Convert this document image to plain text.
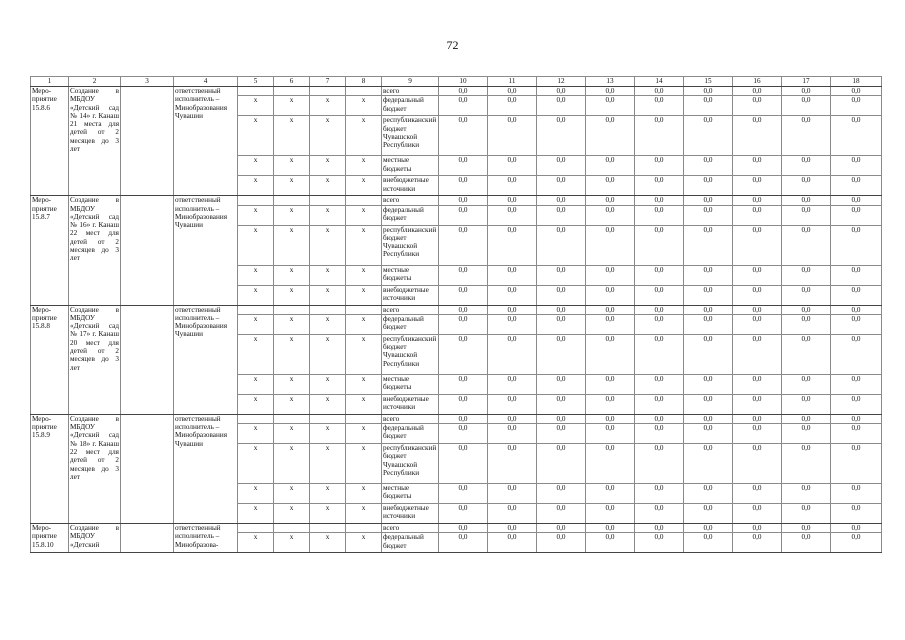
72
1	2	3	4	5	6	7	8	9	10	11	12	13	14	15	16	17	18
Меро-
приятие
15.8.6	Создание в МБДОУ «Детский сад № 14» г. Канаш 21 места для детей от 2 месяцев до 3 лет		ответственный исполнитель – Минобразования Чувашии					всего	0,0	0,0	0,0	0,0	0,0	0,0	0,0	0,0	0,0
				x	x	x	x	федеральный бюджет	0,0	0,0	0,0	0,0	0,0	0,0	0,0	0,0	0,0
				x	x	x	x	республиканский бюджет Чувашской Республики	0,0	0,0	0,0	0,0	0,0	0,0	0,0	0,0	0,0
				x	x	x	x	местные бюджеты	0,0	0,0	0,0	0,0	0,0	0,0	0,0	0,0	0,0
				x	x	x	x	внебюджетные источники	0,0	0,0	0,0	0,0	0,0	0,0	0,0	0,0	0,0
Меро-
приятие
15.8.7	Создание в МБДОУ «Детский сад № 16» г. Канаш 22 мест для детей от 2 месяцев до 3 лет		ответственный исполнитель – Минобразования Чувашии					всего	0,0	0,0	0,0	0,0	0,0	0,0	0,0	0,0	0,0
				x	x	x	x	федеральный бюджет	0,0	0,0	0,0	0,0	0,0	0,0	0,0	0,0	0,0
				x	x	x	x	республиканский бюджет Чувашской Республики	0,0	0,0	0,0	0,0	0,0	0,0	0,0	0,0	0,0
				x	x	x	x	местные бюджеты	0,0	0,0	0,0	0,0	0,0	0,0	0,0	0,0	0,0
				x	x	x	x	внебюджетные источники	0,0	0,0	0,0	0,0	0,0	0,0	0,0	0,0	0,0
Меро-
приятие
15.8.8	Создание в МБДОУ «Детский сад № 17» г. Канаш 20 мест для детей от 2 месяцев до 3 лет		ответственный исполнитель – Минобразования Чувашии					всего	0,0	0,0	0,0	0,0	0,0	0,0	0,0	0,0	0,0
				x	x	x	x	федеральный бюджет	0,0	0,0	0,0	0,0	0,0	0,0	0,0	0,0	0,0
				x	x	x	x	республиканский бюджет Чувашской Республики	0,0	0,0	0,0	0,0	0,0	0,0	0,0	0,0	0,0
				x	x	x	x	местные бюджеты	0,0	0,0	0,0	0,0	0,0	0,0	0,0	0,0	0,0
				x	x	x	x	внебюджетные источники	0,0	0,0	0,0	0,0	0,0	0,0	0,0	0,0	0,0
Меро-
приятие
15.8.9	Создание в МБДОУ «Детский сад № 18» г. Канаш 22 мест для детей от 2 месяцев до 3 лет		ответственный исполнитель – Минобразования Чувашии					всего	0,0	0,0	0,0	0,0	0,0	0,0	0,0	0,0	0,0
				x	x	x	x	федеральный бюджет	0,0	0,0	0,0	0,0	0,0	0,0	0,0	0,0	0,0
				x	x	x	x	республиканский бюджет Чувашской Республики	0,0	0,0	0,0	0,0	0,0	0,0	0,0	0,0	0,0
				x	x	x	x	местные бюджеты	0,0	0,0	0,0	0,0	0,0	0,0	0,0	0,0	0,0
				x	x	x	x	внебюджетные источники	0,0	0,0	0,0	0,0	0,0	0,0	0,0	0,0	0,0
Меро-
приятие
15.8.10	Создание в МБДОУ «Детский		ответственный исполнитель – Минобразова-					всего	0,0	0,0	0,0	0,0	0,0	0,0	0,0	0,0	0,0
				x	x	x	x	федеральный бюджет	0,0	0,0	0,0	0,0	0,0	0,0	0,0	0,0	0,0
